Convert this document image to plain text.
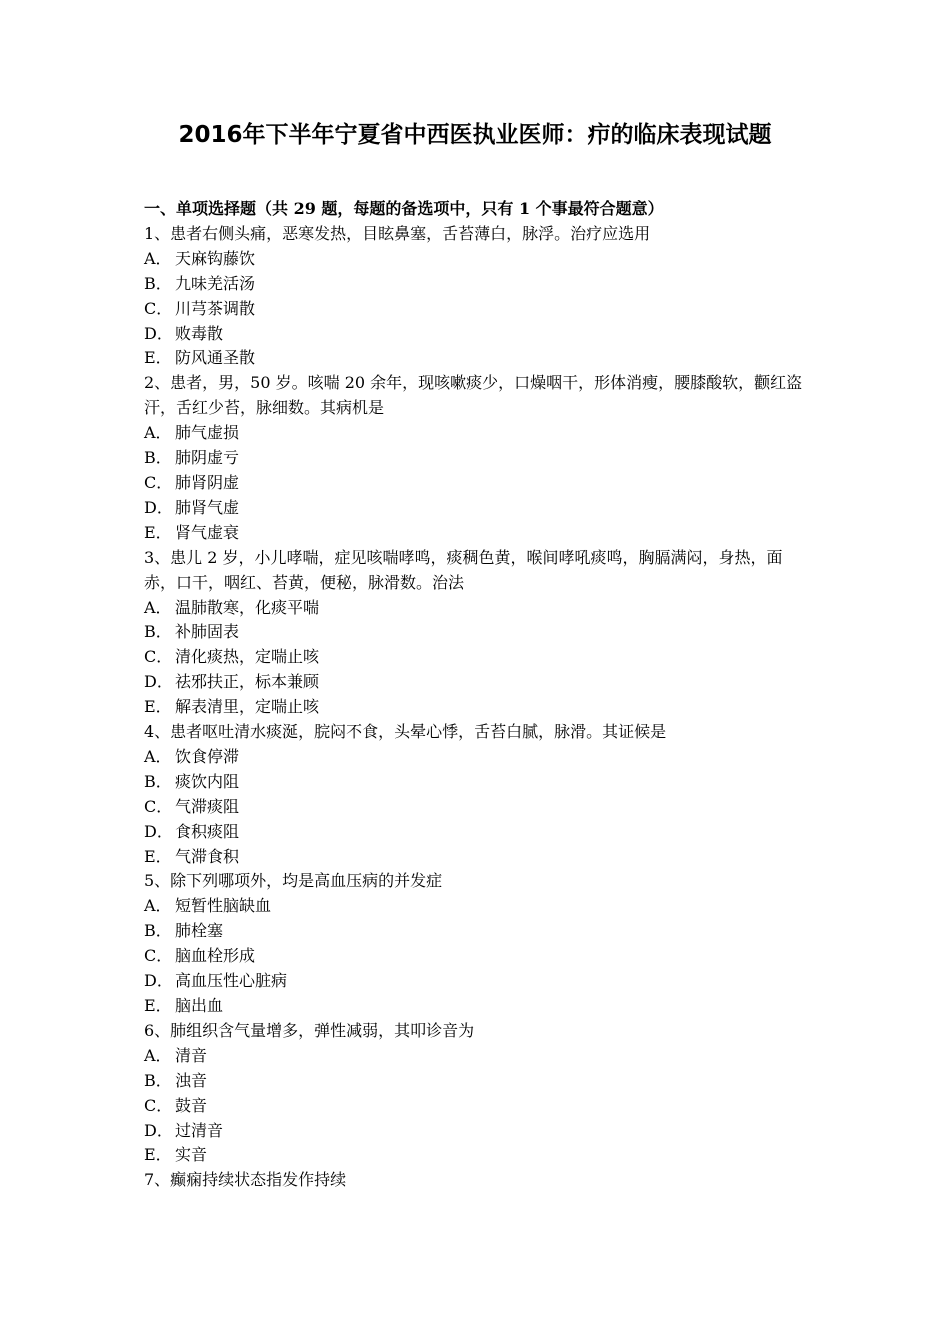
2016年下半年宁夏省中西医执业医师：疖的临床表现试题

一、单项选择题（共 29 题，每题的备选项中，只有 1 个事最符合题意）

1、患者右侧头痛，恶寒发热，目眩鼻塞，舌苔薄白，脉浮。治疗应选用

A． 天麻钩藤饮

B． 九味羌活汤

C． 川芎茶调散

D． 败毒散

E． 防风通圣散

2、患者，男，50 岁。咳喘 20 余年，现咳嗽痰少，口燥咽干，形体消瘦，腰膝酸软，颧红盗汗，舌红少苔，脉细数。其病机是

A． 肺气虚损

B． 肺阴虚亏

C． 肺肾阴虚

D． 肺肾气虚

E． 肾气虚衰

3、患儿 2 岁，小儿哮喘，症见咳喘哮鸣，痰稠色黄，喉间哮吼痰鸣，胸膈满闷，身热，面赤，口干，咽红、苔黄，便秘，脉滑数。治法

A． 温肺散寒，化痰平喘

B． 补肺固表

C． 清化痰热，定喘止咳

D． 祛邪扶正，标本兼顾

E． 解表清里，定喘止咳

4、患者呕吐清水痰涎，脘闷不食，头晕心悸，舌苔白腻，脉滑。其证候是

A． 饮食停滞

B． 痰饮内阻

C． 气滞痰阻

D． 食积痰阻

E． 气滞食积

5、除下列哪项外，均是高血压病的并发症

A． 短暂性脑缺血

B． 肺栓塞

C． 脑血栓形成

D． 高血压性心脏病

E． 脑出血

6、肺组织含气量增多，弹性减弱，其叩诊音为

A． 清音

B． 浊音

C． 鼓音

D． 过清音

E． 实音

7、癫痫持续状态指发作持续
